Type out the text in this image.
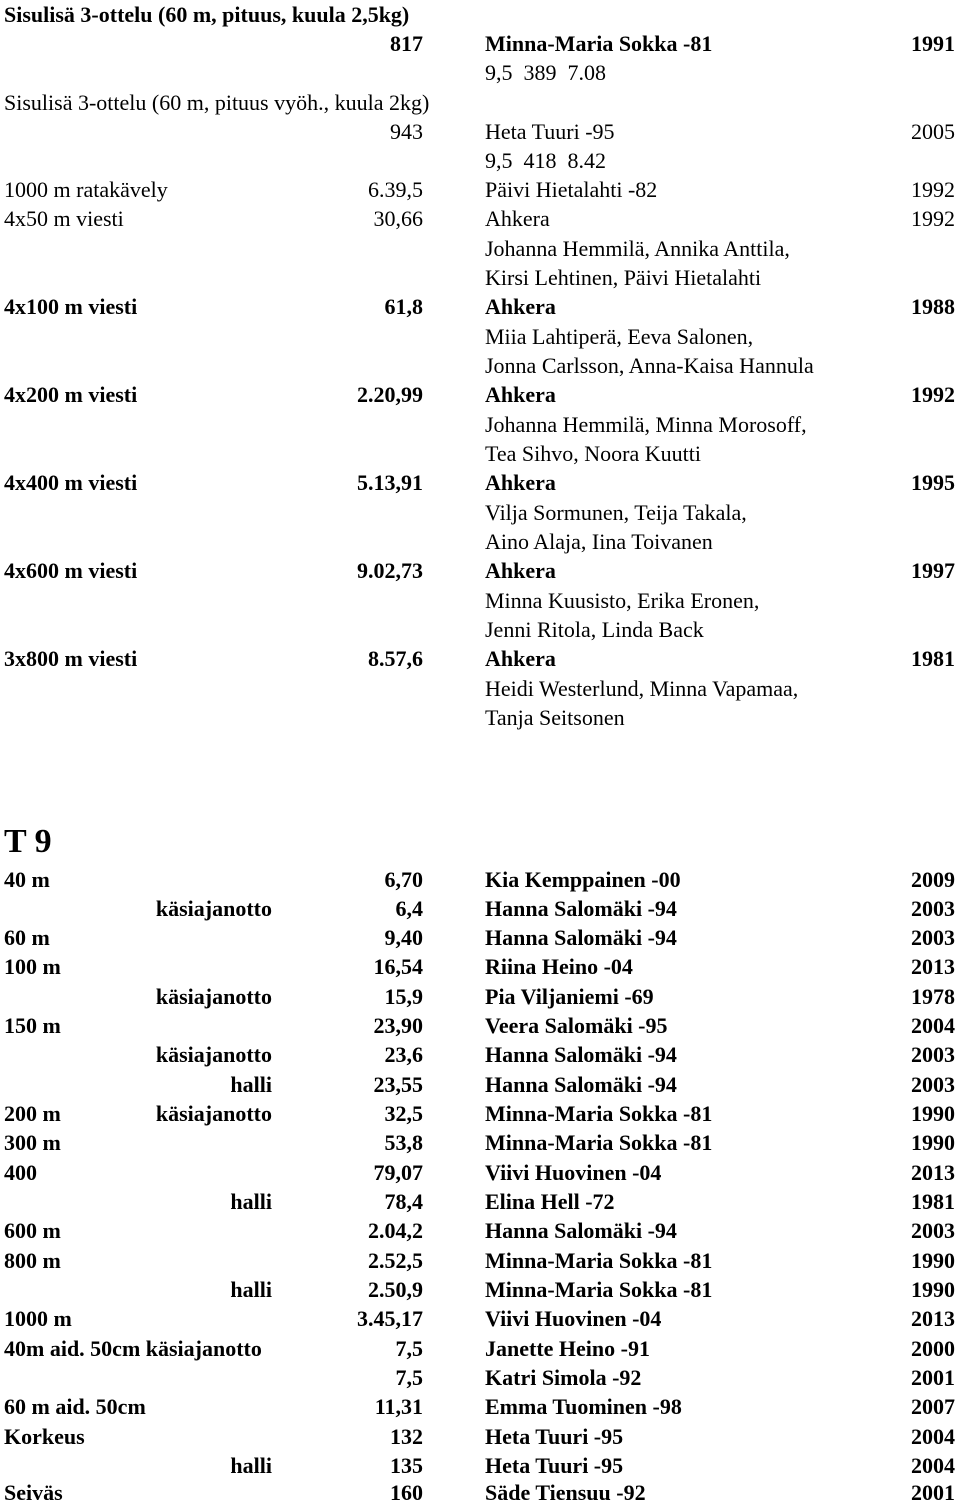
Sisulisä 3-ottelu (60 m, pituus, kuula 2,5kg)
817	Minna-Maria Sokka -81	1991
9,5  389  7.08
Sisulisä 3-ottelu (60 m, pituus vyöh., kuula 2kg)
943	Heta Tuuri -95	2005
9,5  418  8.42
1000 m ratakävely	6.39,5	Päivi Hietalahti -82	1992
4x50 m viesti	30,66	Ahkera	1992
Johanna Hemmilä, Annika Anttila,
Kirsi Lehtinen, Päivi Hietalahti
4x100 m viesti	61,8	Ahkera	1988
Miia Lahtiperä, Eeva Salonen,
Jonna Carlsson, Anna-Kaisa Hannula
4x200 m viesti	2.20,99	Ahkera	1992
Johanna Hemmilä, Minna Morosoff,
Tea Sihvo, Noora Kuutti
4x400 m viesti	5.13,91	Ahkera	1995
Vilja Sormunen, Teija Takala,
Aino Alaja, Iina Toivanen
4x600 m viesti	9.02,73	Ahkera	1997
Minna Kuusisto, Erika Eronen,
Jenni Ritola, Linda Back
3x800 m viesti	8.57,6	Ahkera	1981
Heidi Westerlund, Minna Vapamaa,
Tanja Seitsonen
T 9
40 m	6,70	Kia Kemppainen -00	2009
käsiajanotto	6,4	Hanna Salomäki -94	2003
60 m	9,40	Hanna Salomäki -94	2003
100 m	16,54	Riina Heino -04	2013
käsiajanotto	15,9	Pia Viljaniemi -69	1978
150 m	23,90	Veera Salomäki -95	2004
käsiajanotto	23,6	Hanna Salomäki -94	2003
halli	23,55	Hanna Salomäki -94	2003
200 m	käsiajanotto	32,5	Minna-Maria Sokka -81	1990
300 m	53,8	Minna-Maria Sokka -81	1990
400	79,07	Viivi Huovinen -04	2013
halli	78,4	Elina Hell -72	1981
600 m	2.04,2	Hanna Salomäki -94	2003
800 m	2.52,5	Minna-Maria Sokka -81	1990
halli	2.50,9	Minna-Maria Sokka -81	1990
1000 m	3.45,17	Viivi Huovinen -04	2013
40m aid. 50cm käsiajanotto	7,5	Janette Heino -91	2000
7,5	Katri Simola -92	2001
60 m aid. 50cm	11,31	Emma Tuominen -98	2007
Korkeus	132	Heta Tuuri -95	2004
halli	135	Heta Tuuri -95	2004
Seiväs	160	Säde Tiensuu -92	2001
